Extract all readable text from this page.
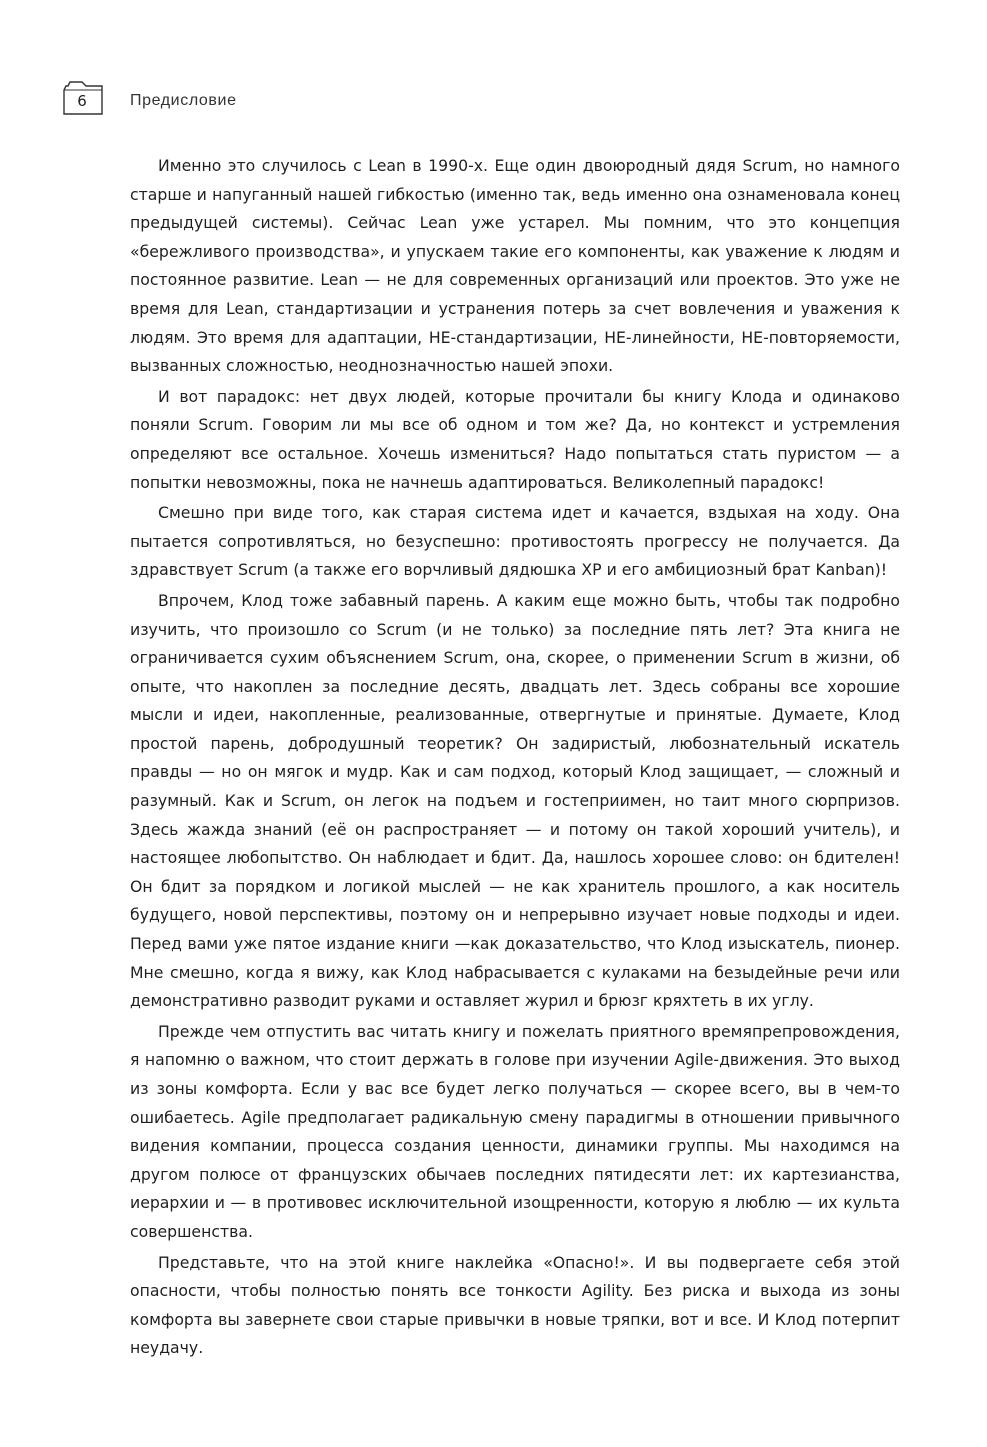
6	Предисловие

Именно это случилось с Lean в 1990-х. Еще один двоюродный дядя Scrum, но намного старше и напуганный нашей гибкостью (именно так, ведь именно она ознаменовала конец предыдущей системы). Сейчас Lean уже устарел. Мы помним, что это концепция «бережливого производства», и упускаем такие его компоненты, как уважение к людям и постоянное развитие. Lean — не для современных организаций или проектов. Это уже не время для Lean, стандартизации и устранения потерь за счет вовлечения и уважения к людям. Это время для адаптации, НЕ-стандартизации, НЕ-линейности, НЕ-повторяемости, вызванных сложностью, неоднозначностью нашей эпохи.

И вот парадокс: нет двух людей, которые прочитали бы книгу Клода и одинаково поняли Scrum. Говорим ли мы все об одном и том же? Да, но контекст и устремления определяют все остальное. Хочешь измениться? Надо попытаться стать пуристом — а попытки невозможны, пока не начнешь адаптироваться. Великолепный парадокс!

Смешно при виде того, как старая система идет и качается, вздыхая на ходу. Она пытается сопротивляться, но безуспешно: противостоять прогрессу не получается. Да здравствует Scrum (а также его ворчливый дядюшка XP и его амбициозный брат Kanban)!

Впрочем, Клод тоже забавный парень. А каким еще можно быть, чтобы так подробно изучить, что произошло со Scrum (и не только) за последние пять лет? Эта книга не ограничивается сухим объяснением Scrum, она, скорее, о применении Scrum в жизни, об опыте, что накоплен за последние десять, двадцать лет. Здесь собраны все хорошие мысли и идеи, накопленные, реализованные, отвергнутые и принятые. Думаете, Клод простой парень, добродушный теоретик? Он задиристый, любознательный искатель правды — но он мягок и мудр. Как и сам подход, который Клод защищает, — сложный и разумный. Как и Scrum, он легок на подъем и гостеприимен, но таит много сюрпризов. Здесь жажда знаний (её он распространяет — и потому он такой хороший учитель), и настоящее любопытство. Он наблюдает и бдит. Да, нашлось хорошее слово: он бдителен! Он бдит за порядком и логикой мыслей — не как хранитель прошлого, а как носитель будущего, новой перспективы, поэтому он и непрерывно изучает новые подходы и идеи. Перед вами уже пятое издание книги —как доказательство, что Клод изыскатель, пионер. Мне смешно, когда я вижу, как Клод набрасывается с кулаками на безыдейные речи или демонстративно разводит руками и оставляет журил и брюзг кряхтеть в их углу.

Прежде чем отпустить вас читать книгу и пожелать приятного времяпрепровождения, я напомню о важном, что стоит держать в голове при изучении Agile-движения. Это выход из зоны комфорта. Если у вас все будет легко получаться — скорее всего, вы в чем-то ошибаетесь. Agile предполагает радикальную смену парадигмы в отношении привычного видения компании, процесса создания ценности, динамики группы. Мы находимся на другом полюсе от французских обычаев последних пятидесяти лет: их картезианства, иерархии и — в противовес исключительной изощренности, которую я люблю — их культа совершенства.

Представьте, что на этой книге наклейка «Опасно!». И вы подвергаете себя этой опасности, чтобы полностью понять все тонкости Agility. Без риска и выхода из зоны комфорта вы завернете свои старые привычки в новые тряпки, вот и все. И Клод потерпит неудачу.
